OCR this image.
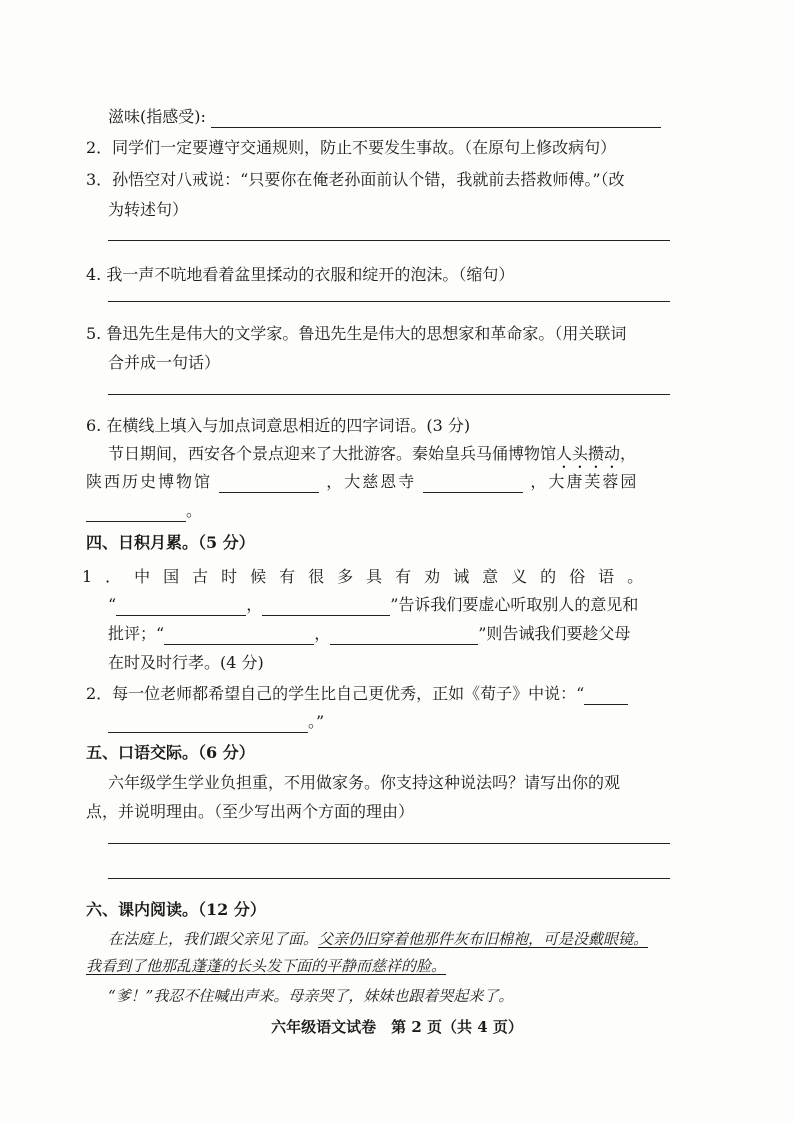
滋味(指感受):
2．同学们一定要遵守交通规则，防止不要发生事故。（在原句上修改病句）
3．孙悟空对八戒说：“只要你在俺老孙面前认个错，我就前去搭救师傅。”（改
为转述句）
4. 我一声不吭地看着盆里揉动的衣服和绽开的泡沫。（缩句）
5. 鲁迅先生是伟大的文学家。鲁迅先生是伟大的思想家和革命家。（用关联词
合并成一句话）
6. 在横线上填入与加点词意思相近的四字词语。(3 分)
节日期间，西安各个景点迎来了大批游客。秦始皇兵马俑博物馆人头攒动，
陕西历史博物馆	，大慈恩寺	，大唐芙蓉园
。
四、日积月累。（5 分）
1．中国古时候有很多具有劝诫意义的俗语。
“	，	”告诉我们要虚心听取别人的意见和
批评；“	，	”则告诫我们要趁父母
在时及时行孝。(4 分)
2．每一位老师都希望自己的学生比自己更优秀，正如《荀子》中说：“
。”
五、口语交际。（6 分）
六年级学生学业负担重，不用做家务。你支持这种说法吗？请写出你的观
点，并说明理由。（至少写出两个方面的理由）
六、课内阅读。（12 分）
在法庭上，我们跟父亲见了面。父亲仍旧穿着他那件灰布旧棉袍，可是没戴眼镜。
我看到了他那乱蓬蓬的长头发下面的平静而慈祥的脸。
“爹！”我忍不住喊出声来。母亲哭了，妹妹也跟着哭起来了。
六年级语文试卷　第 2 页（共 4 页）
